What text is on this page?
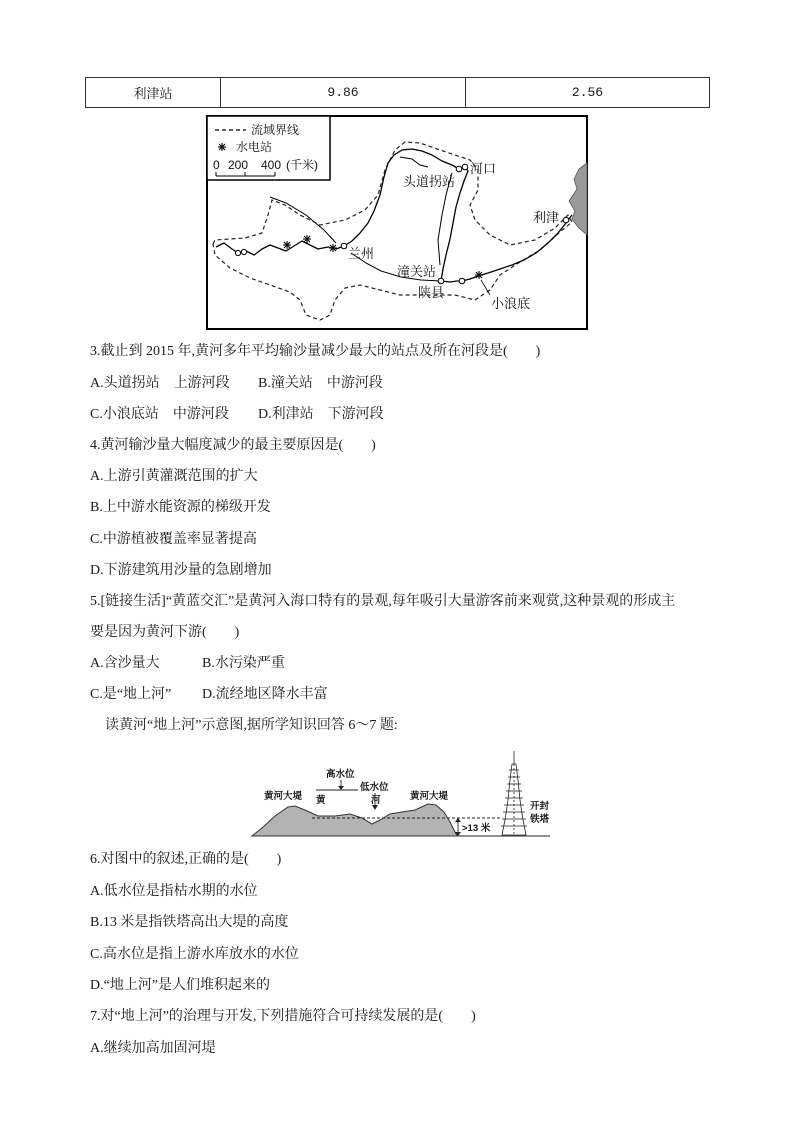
利津站	9.86	2.56
河口
头道拐站
利津
兰州
潼关站
陕县
小浪底
流域界线
水电站
0 200 400 (千米)
3.截止到 2015 年,黄河多年平均输沙量减少最大的站点及所在河段是(　　)
A.头道拐站　上游河段 B.潼关站　中游河段
C.小浪底站　中游河段 D.利津站　下游河段
4.黄河输沙量大幅度减少的最主要原因是(　　)
A.上游引黄灌溉范围的扩大
B.上中游水能资源的梯级开发
C.中游植被覆盖率显著提高
D.下游建筑用沙量的急剧增加
5.[链接生活]“黄蓝交汇”是黄河入海口特有的景观,每年吸引大量游客前来观赏,这种景观的形成主
要是因为黄河下游(　　)
A.含沙量大	B.水污染严重
C.是“地上河” D.流经地区降水丰富
读黄河“地上河”示意图,据所学知识回答 6～7 题:
黄河大堤
高水位
黄
低水位
河	黄河大堤
>13 米
开封
铁塔
6.对图中的叙述,正确的是(　　)
A.低水位是指枯水期的水位
B.13 米是指铁塔高出大堤的高度
C.高水位是指上游水库放水的水位
D.“地上河”是人们堆积起来的
7.对“地上河”的治理与开发,下列措施符合可持续发展的是(　　)
A.继续加高加固河堤
